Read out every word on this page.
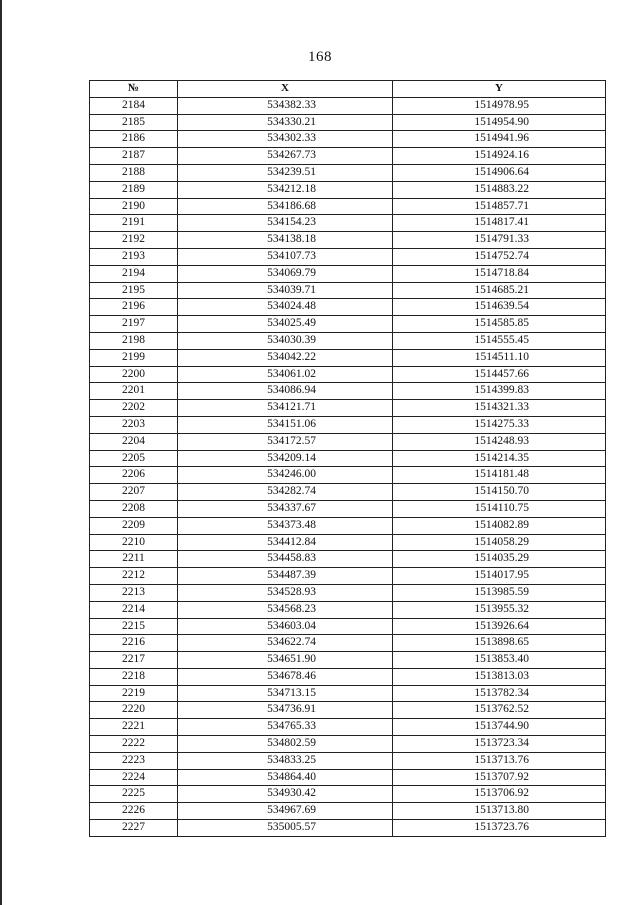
168
№	X	Y
2184	534382.33	1514978.95
2185	534330.21	1514954.90
2186	534302.33	1514941.96
2187	534267.73	1514924.16
2188	534239.51	1514906.64
2189	534212.18	1514883.22
2190	534186.68	1514857.71
2191	534154.23	1514817.41
2192	534138.18	1514791.33
2193	534107.73	1514752.74
2194	534069.79	1514718.84
2195	534039.71	1514685.21
2196	534024.48	1514639.54
2197	534025.49	1514585.85
2198	534030.39	1514555.45
2199	534042.22	1514511.10
2200	534061.02	1514457.66
2201	534086.94	1514399.83
2202	534121.71	1514321.33
2203	534151.06	1514275.33
2204	534172.57	1514248.93
2205	534209.14	1514214.35
2206	534246.00	1514181.48
2207	534282.74	1514150.70
2208	534337.67	1514110.75
2209	534373.48	1514082.89
2210	534412.84	1514058.29
2211	534458.83	1514035.29
2212	534487.39	1514017.95
2213	534528.93	1513985.59
2214	534568.23	1513955.32
2215	534603.04	1513926.64
2216	534622.74	1513898.65
2217	534651.90	1513853.40
2218	534678.46	1513813.03
2219	534713.15	1513782.34
2220	534736.91	1513762.52
2221	534765.33	1513744.90
2222	534802.59	1513723.34
2223	534833.25	1513713.76
2224	534864.40	1513707.92
2225	534930.42	1513706.92
2226	534967.69	1513713.80
2227	535005.57	1513723.76
